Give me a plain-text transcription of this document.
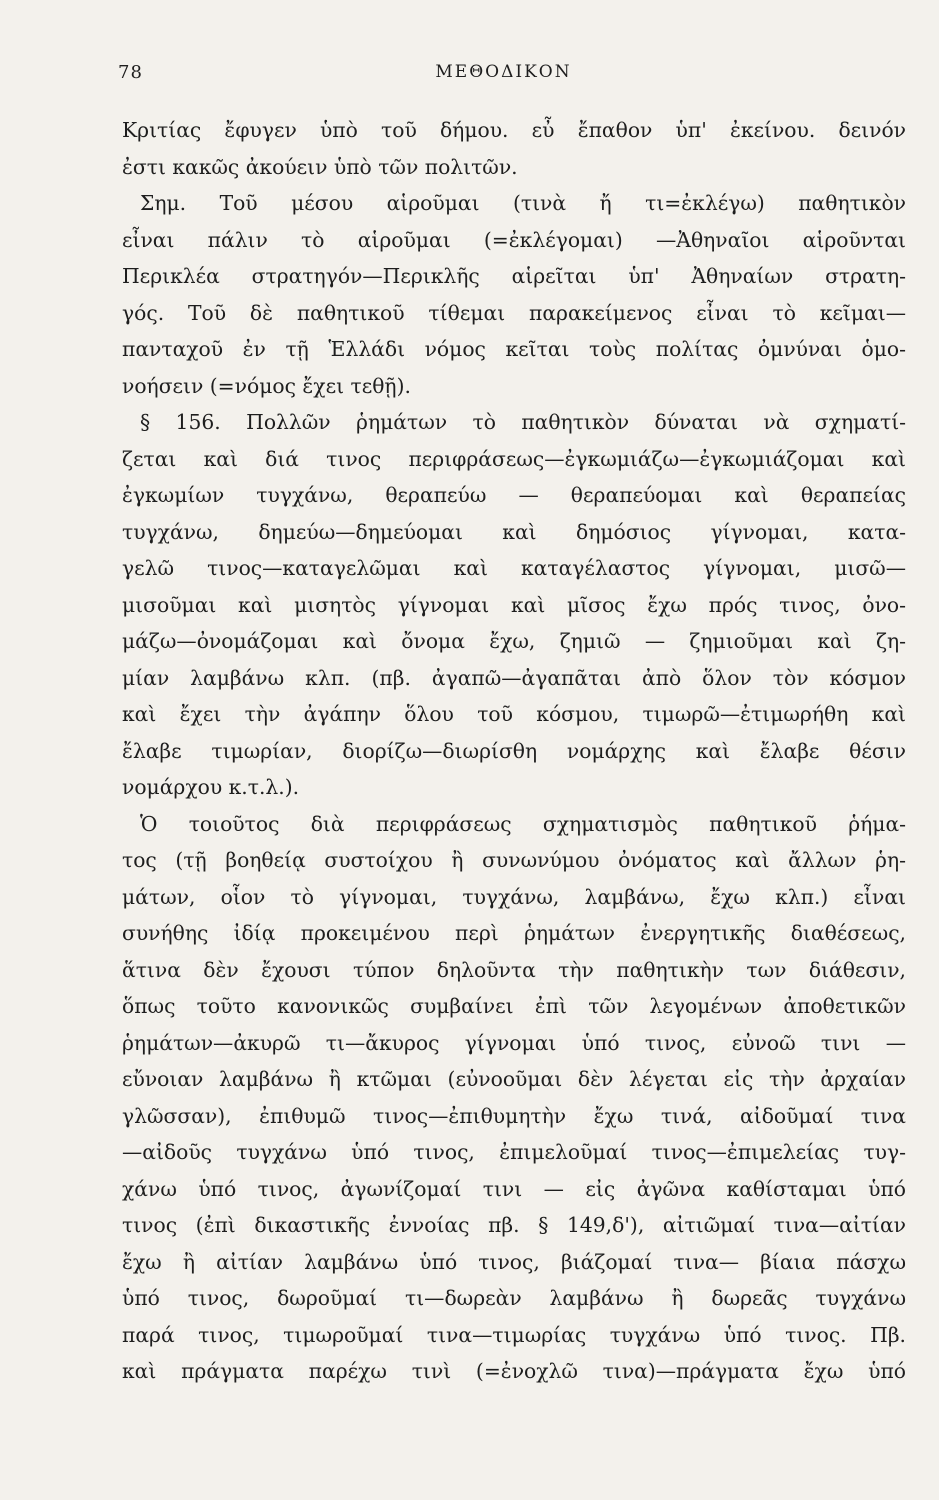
78	ΜΕΘΟΔΙΚΟΝ
Κριτίας ἔφυγεν ὑπὸ τοῦ δήμου. εὖ ἔπαθον ὑπ' ἐκείνου. δεινόν
ἐστι κακῶς ἀκούειν ὑπὸ τῶν πολιτῶν.
Σημ. Τοῦ μέσου αἱροῦμαι (τινὰ ἤ τι=ἐκλέγω) παθητικὸν
εἶναι πάλιν τὸ αἱροῦμαι (=ἐκλέγομαι) —Ἀθηναῖοι αἱροῦνται
Περικλέα στρατηγόν—Περικλῆς αἱρεῖται ὑπ' Ἀθηναίων στρατη-
γός. Τοῦ δὲ παθητικοῦ τίθεμαι παρακείμενος εἶναι τὸ κεῖμαι—
πανταχοῦ ἐν τῇ Ἑλλάδι νόμος κεῖται τοὺς πολίτας ὀμνύναι ὁμο-
νοήσειν (=νόμος ἔχει τεθῇ).
§ 156. Πολλῶν ῥημάτων τὸ παθητικὸν δύναται νὰ σχηματί-
ζεται καὶ διά τινος περιφράσεως—ἐγκωμιάζω—ἐγκωμιάζομαι καὶ
ἐγκωμίων τυγχάνω, θεραπεύω — θεραπεύομαι καὶ θεραπείας
τυγχάνω, δημεύω—δημεύομαι καὶ δημόσιος γίγνομαι, κατα-
γελῶ τινος—καταγελῶμαι καὶ καταγέλαστος γίγνομαι, μισῶ—
μισοῦμαι καὶ μισητὸς γίγνομαι καὶ μῖσος ἔχω πρός τινος, ὀνο-
μάζω—ὀνομάζομαι καὶ ὄνομα ἔχω, ζημιῶ — ζημιοῦμαι καὶ ζη-
μίαν λαμβάνω κλπ. (πβ. ἀγαπῶ—ἀγαπᾶται ἀπὸ ὅλον τὸν κόσμον
καὶ ἔχει τὴν ἀγάπην ὅλου τοῦ κόσμου, τιμωρῶ—ἐτιμωρήθη καὶ
ἔλαβε τιμωρίαν, διορίζω—διωρίσθη νομάρχης καὶ ἔλαβε θέσιν
νομάρχου κ.τ.λ.).
Ὁ τοιοῦτος διὰ περιφράσεως σχηματισμὸς παθητικοῦ ῥήμα-
τος (τῇ βοηθείᾳ συστοίχου ἢ συνωνύμου ὀνόματος καὶ ἄλλων ῥη-
μάτων, οἷον τὸ γίγνομαι, τυγχάνω, λαμβάνω, ἔχω κλπ.) εἶναι
συνήθης ἰδίᾳ προκειμένου περὶ ῥημάτων ἐνεργητικῆς διαθέσεως,
ἅτινα δὲν ἔχουσι τύπον δηλοῦντα τὴν παθητικὴν των διάθεσιν,
ὅπως τοῦτο κανονικῶς συμβαίνει ἐπὶ τῶν λεγομένων ἀποθετικῶν
ῥημάτων—ἀκυρῶ τι—ἄκυρος γίγνομαι ὑπό τινος, εὐνοῶ τινι —
εὔνοιαν λαμβάνω ἢ κτῶμαι (εὐνοοῦμαι δὲν λέγεται εἰς τὴν ἀρχαίαν
γλῶσσαν), ἐπιθυμῶ τινος—ἐπιθυμητὴν ἔχω τινά, αἰδοῦμαί τινα
—αἰδοῦς τυγχάνω ὑπό τινος, ἐπιμελοῦμαί τινος—ἐπιμελείας τυγ-
χάνω ὑπό τινος, ἀγωνίζομαί τινι — εἰς ἀγῶνα καθίσταμαι ὑπό
τινος (ἐπὶ δικαστικῆς ἐννοίας πβ. § 149,δ'), αἰτιῶμαί τινα—αἰτίαν
ἔχω ἢ αἰτίαν λαμβάνω ὑπό τινος, βιάζομαί τινα— βίαια πάσχω
ὑπό τινος, δωροῦμαί τι—δωρεὰν λαμβάνω ἢ δωρεᾶς τυγχάνω
παρά τινος, τιμωροῦμαί τινα—τιμωρίας τυγχάνω ὑπό τινος. Πβ.
καὶ πράγματα παρέχω τινὶ (=ἐνοχλῶ τινα)—πράγματα ἔχω ὑπό
